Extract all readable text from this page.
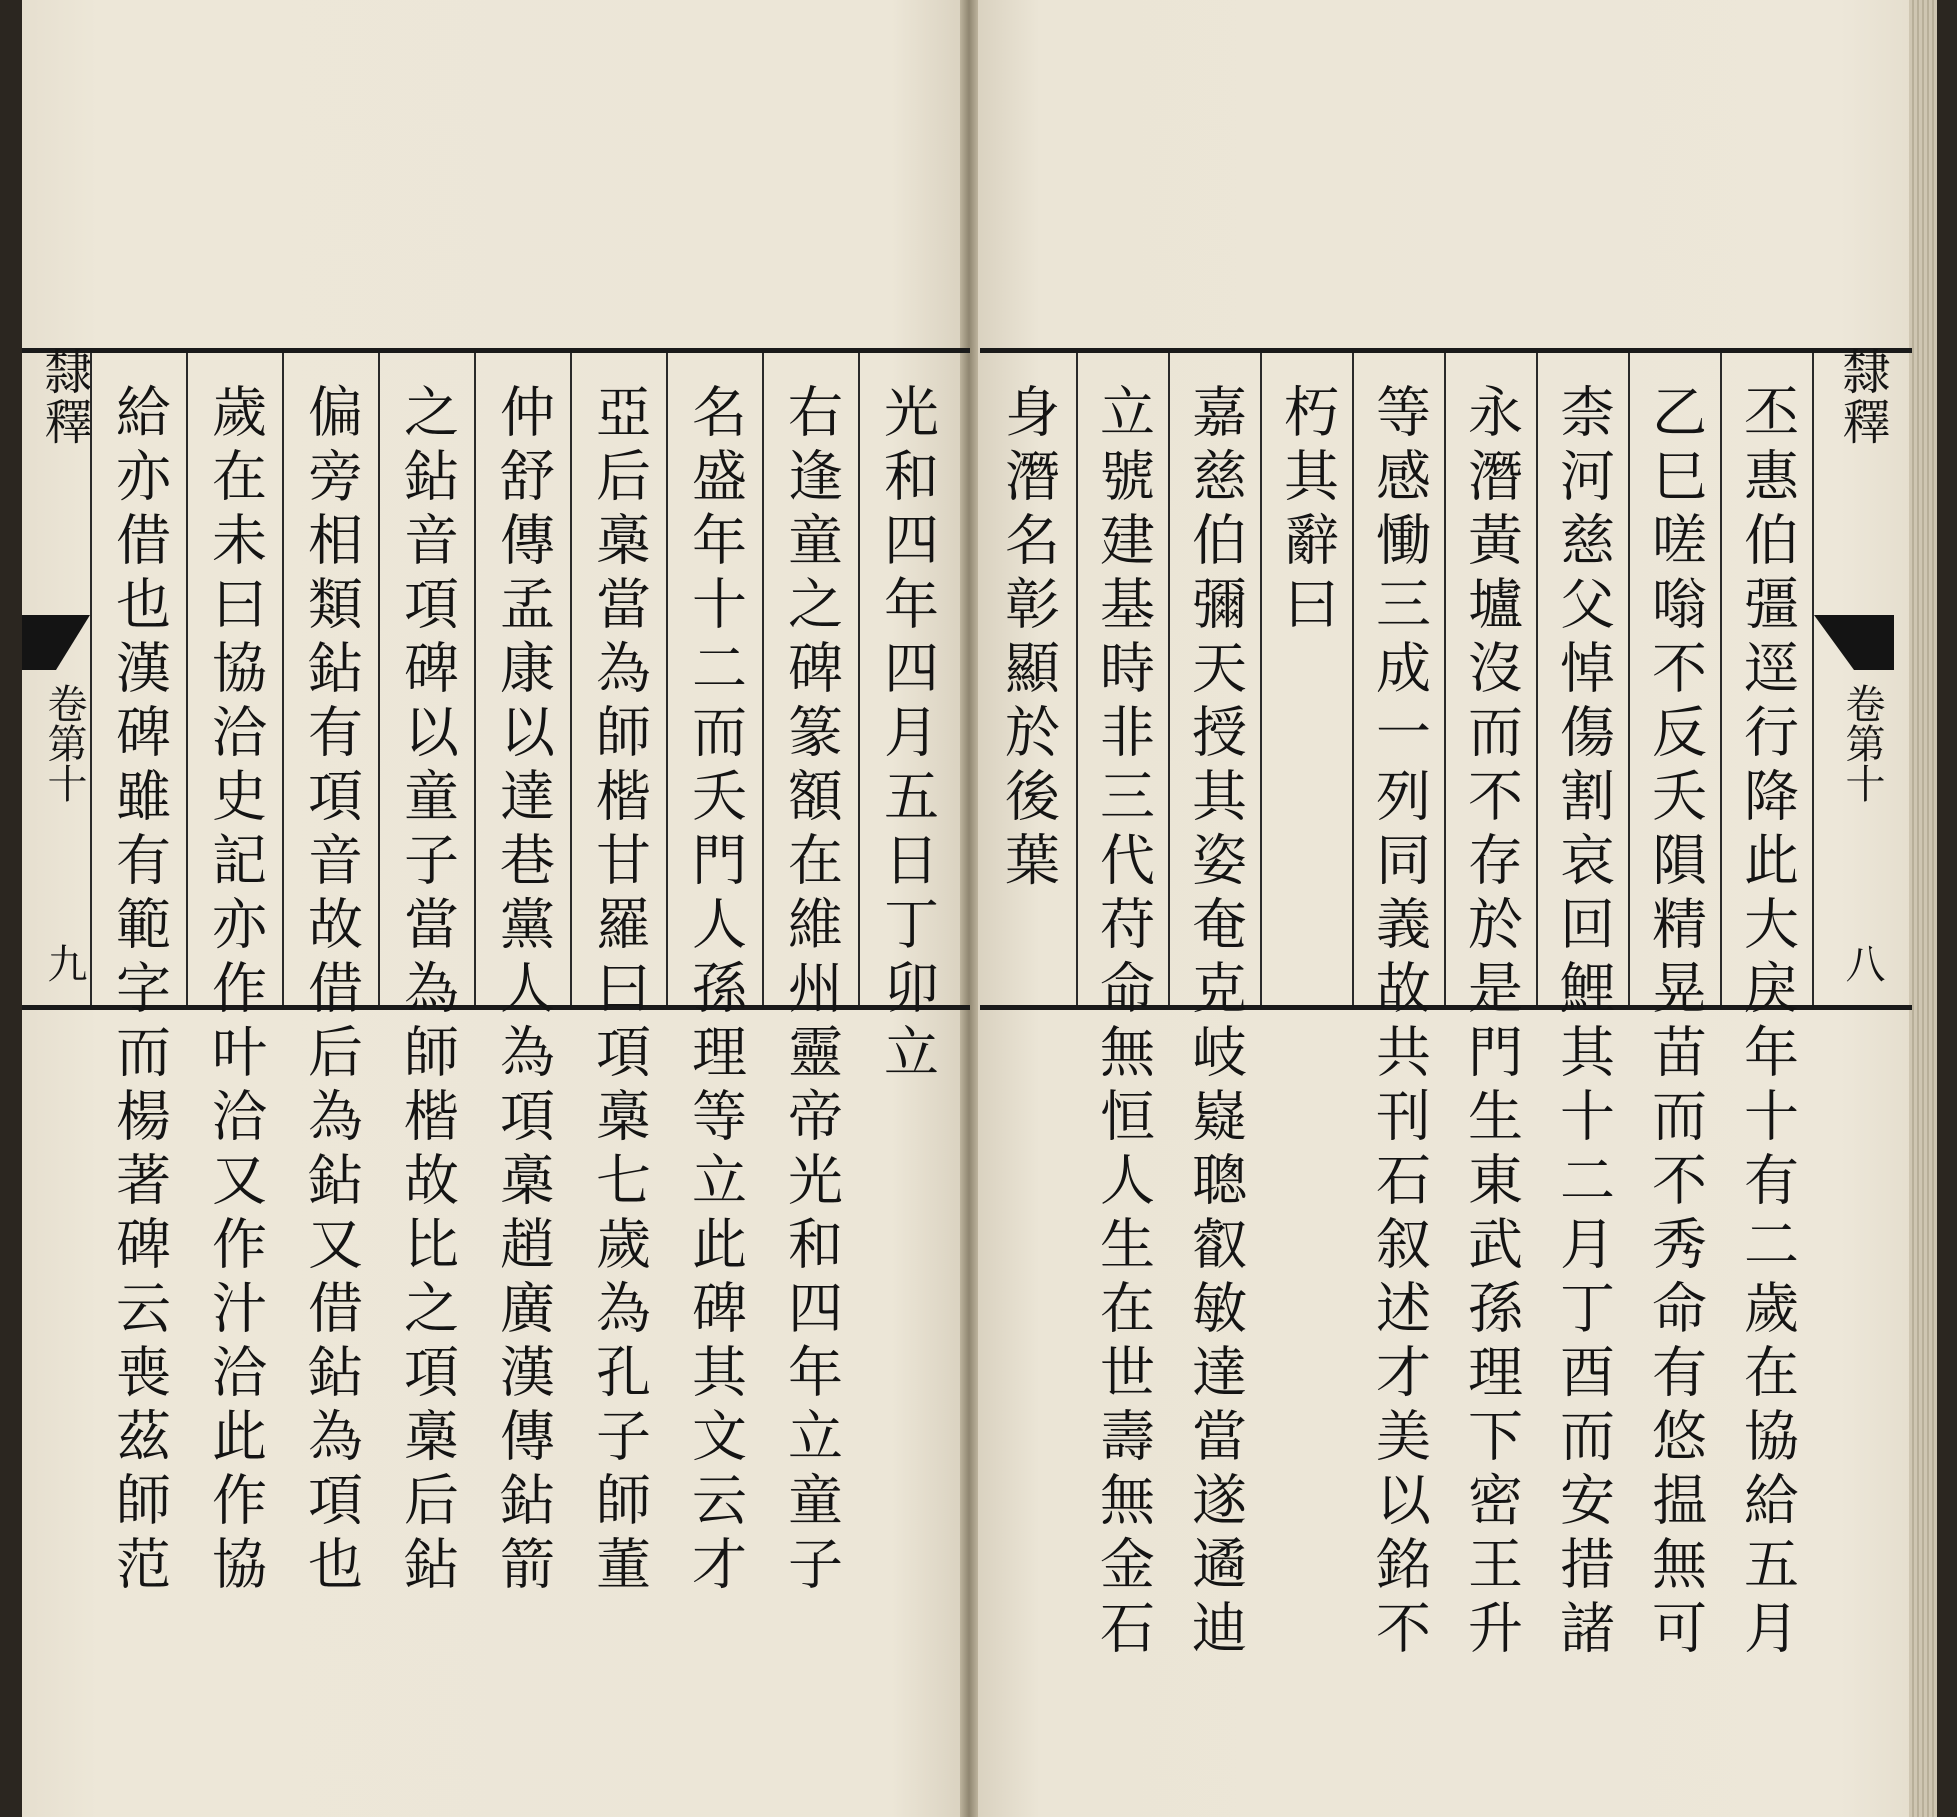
隸釋
卷第十
九 給亦借也漢碑雖有範字而楊著碑云喪茲師范 歲在未曰協洽史記亦作叶洽又作汁洽此作協 偏旁相類鉆有項音故借后為鉆又借鉆為項也 之鉆音項碑以童子當為師楷故比之項槀后鉆 仲舒傳孟康以達巷黨人為項槀趙廣漢傳鉆箭 亞后槀當為師楷甘羅曰項槀七歲為孔子師董 名盛年十二而夭門人孫理等立此碑其文云才 右逢童之碑篆額在維州靈帝光和四年立童子 光和四年四月五日丁卯立 身潛名彰顯於後葉 立號建基時非三代苻命無恒人生在世壽無金石 嘉慈伯彌天授其姿奄克岐嶷聰叡敏達當遂遹迪 朽其辭曰 等感慟三成一列同義故共刊石叙述才美以銘不 永潛黃壚沒而不存於是門生東武孫理下密王升 柰河慈父悼傷割哀回鯉其十二月丁酉而安措諸 乙巳嗟嗡不反夭隕精晃苗而不秀命有悠揾無可 丕惠伯彊逕行降此大戾年十有二歲在協給五月 隸釋
卷第十
八
